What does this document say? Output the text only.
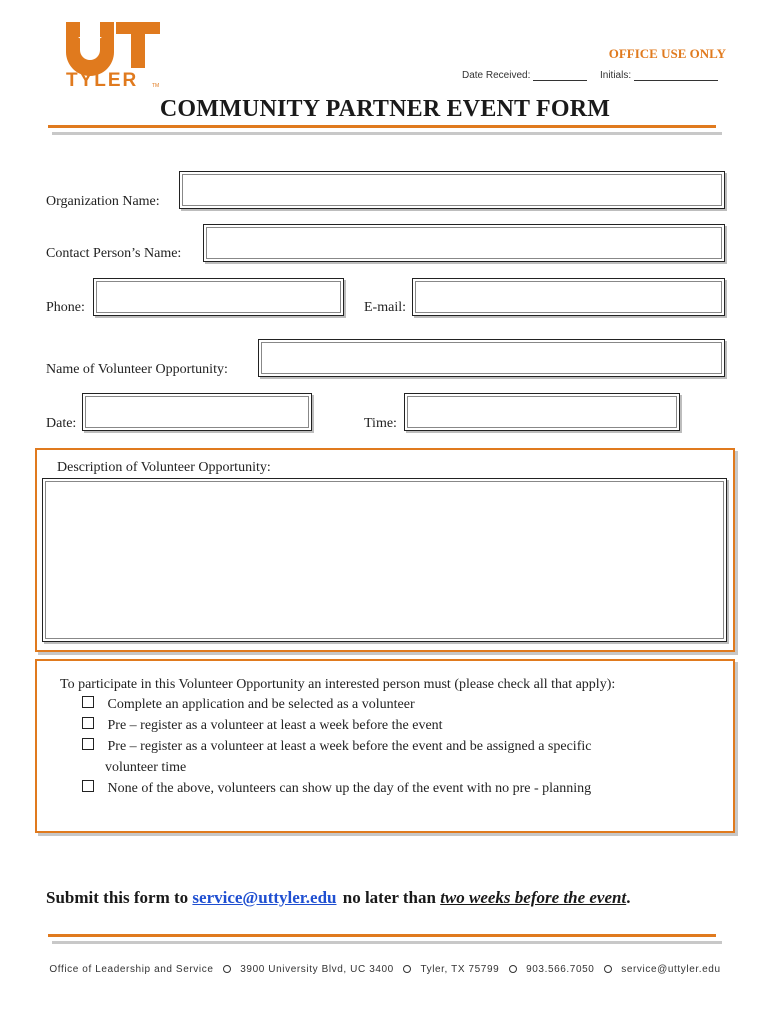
TYLER	TM
OFFICE USE ONLY
Date Received:	Initials:
COMMUNITY PARTNER EVENT FORM
Organization Name:
Contact Person’s Name:
Phone:	E-mail:
Name of Volunteer Opportunity:
Date:	Time:
Description of Volunteer Opportunity:
To participate in this Volunteer Opportunity an interested person must (please check all that apply):
Complete an application and be selected as a volunteer
Pre – register as a volunteer at least a week before the event
Pre – register as a volunteer at least a week before the event and be assigned a specific
volunteer time
None of the above, volunteers can show up the day of the event with no pre - planning
Submit this form to service@uttyler.edu no later than two weeks before the event.
Office of Leadership and Service	3900 University Blvd, UC 3400	Tyler, TX 75799	903.566.7050	service@uttyler.edu
